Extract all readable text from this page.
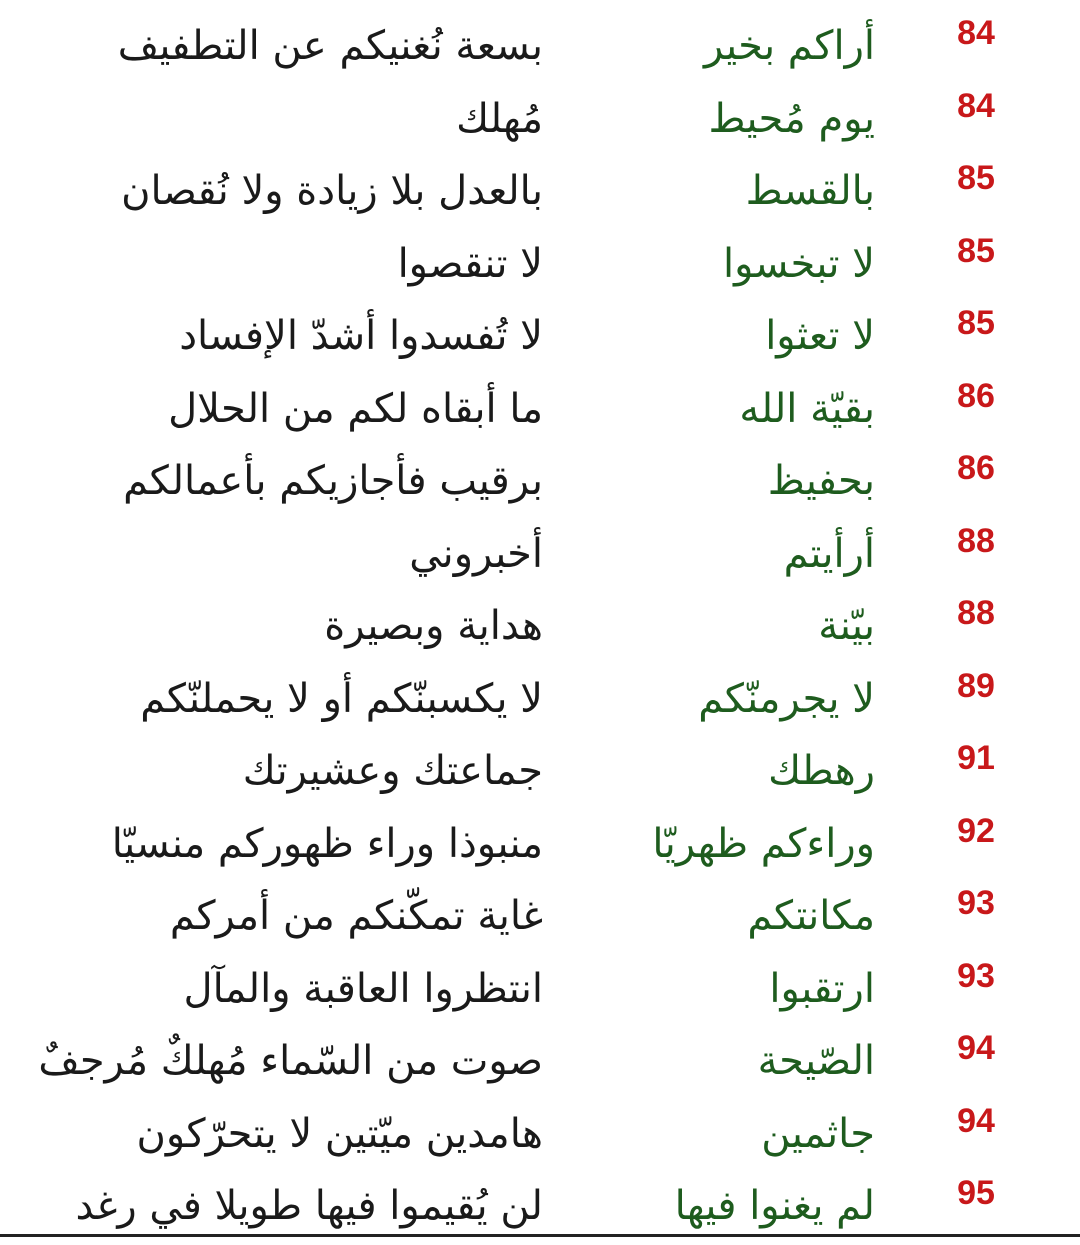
84
أراكم بخير
بسعة نُغنيكم عن التطفيف
84
يوم مُحيط
مُهلك
85
بالقسط
بالعدل بلا زيادة ولا نُقصان
85
لا تبخسوا
لا تنقصوا
85
لا تعثوا
لا تُفسدوا أشدّ الإفساد
86
بقيّة الله
ما أبقاه لكم من الحلال
86
بحفيظ
برقيب فأجازيكم بأعمالكم
88
أرأيتم
أخبروني
88
بيّنة
هداية وبصيرة
89
لا يجرمنّكم
لا يكسبنّكم أو لا يحملنّكم
91
رهطك
جماعتك وعشيرتك
92
وراءكم ظهريّا
منبوذا وراء ظهوركم منسيّا
93
مكانتكم
غاية تمكّنكم من أمركم
93
ارتقبوا
انتظروا العاقبة والمآل
94
الصّيحة
صوت من السّماء مُهلكٌ مُرجفٌ
94
جاثمين
هامدين ميّتين لا يتحرّكون
95
لم يغنوا فيها
لن يُقيموا فيها طويلا في رغد
